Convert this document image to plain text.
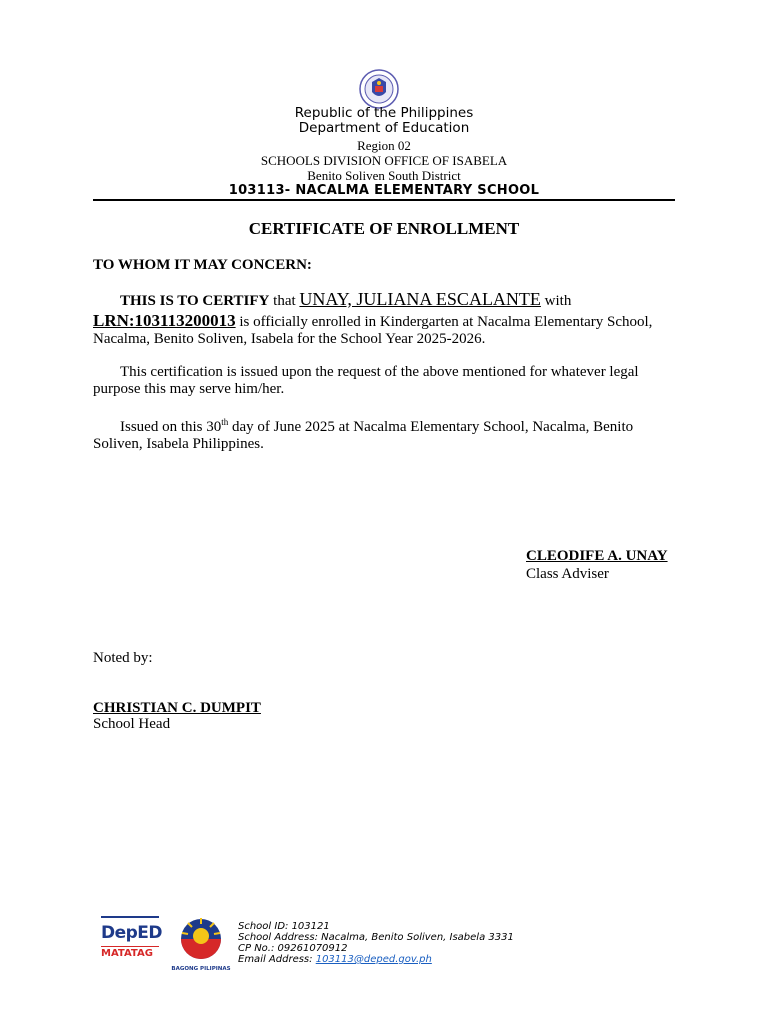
Republic of the Philippines
Department of Education
Region 02
SCHOOLS DIVISION OFFICE OF ISABELA
Benito Soliven South District
103113- NACALMA ELEMENTARY SCHOOL
CERTIFICATE OF ENROLLMENT
TO WHOM IT MAY CONCERN:
THIS IS TO CERTIFY that UNAY, JULIANA ESCALANTE with

LRN:103113200013 is officially enrolled in Kindergarten at Nacalma Elementary School, Nacalma, Benito Soliven, Isabela for the School Year 2025-2026.
This certification is issued upon the request of the above mentioned for whatever legal purpose this may serve him/her.
Issued on this 30th day of June 2025 at Nacalma Elementary School, Nacalma, Benito Soliven, Isabela Philippines.
CLEODIFE A. UNAY
Class Adviser
Noted by:
CHRISTIAN C. DUMPIT
School Head
DepED
MATATAG
BAGONG PILIPINAS
School ID: 103121
School Address: Nacalma, Benito Soliven, Isabela 3331
CP No.: 09261070912
Email Address: 103113@deped.gov.ph
